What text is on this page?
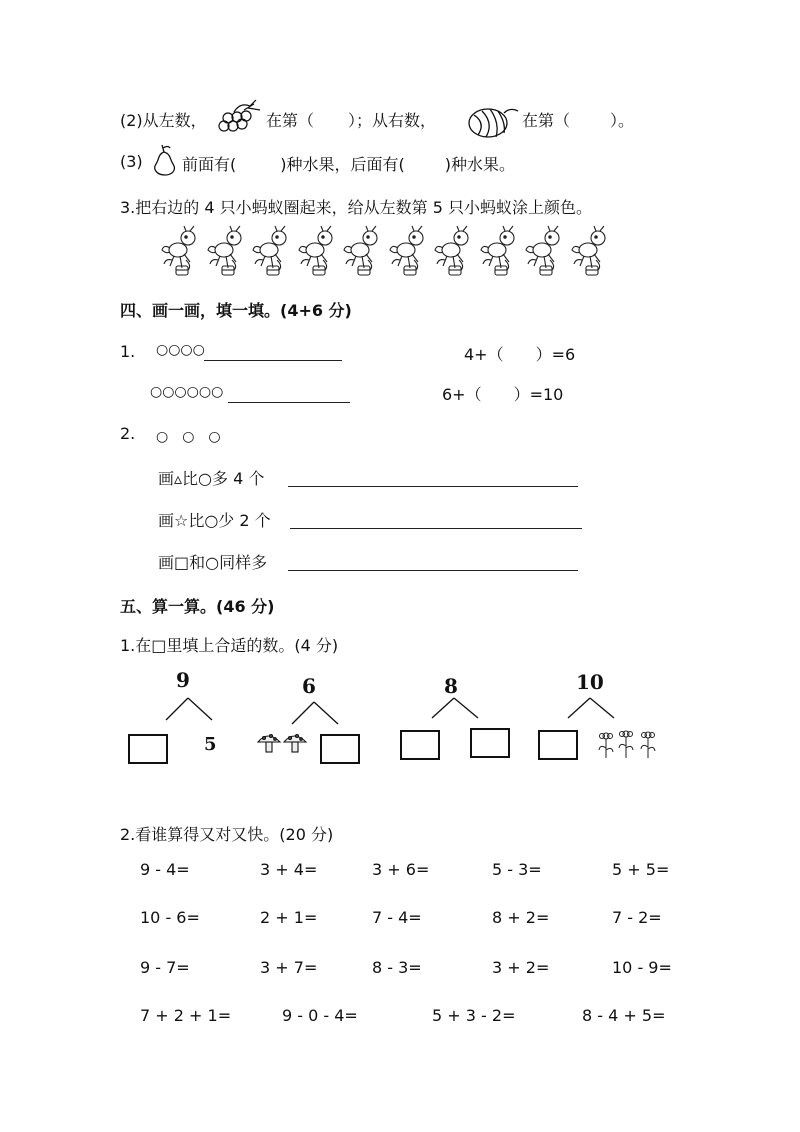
(2)从左数，	在第（ ）；从右数，	在第（	）。
(3) 前面有(	)种水果，后面有(	)种水果。
3.把右边的 4 只小蚂蚁圈起来，给从左数第 5 只小蚂蚁涂上颜色。
四、画一画，填一填。(4+6 分)
1. ○○○○	4+（　　）=6
○○○○○○	6+（　　）=10
2. ○　○　○
画▵比○多 4 个
画☆比○少 2 个
画□和○同样多
五、算一算。(46 分)
1.在□里填上合适的数。(4 分)
9
5
6	8	10
2.看谁算得又对又快。(20 分)
9 - 4=	3 + 4=	3 + 6=	5 - 3=	5 + 5=
10 - 6=	2 + 1=	7 - 4=	8 + 2=	7 - 2=
9 - 7=	3 + 7=	8 - 3=	3 + 2=	10 - 9=
7 + 2 + 1=	9 - 0 - 4=	5 + 3 - 2=	8 - 4 + 5=
